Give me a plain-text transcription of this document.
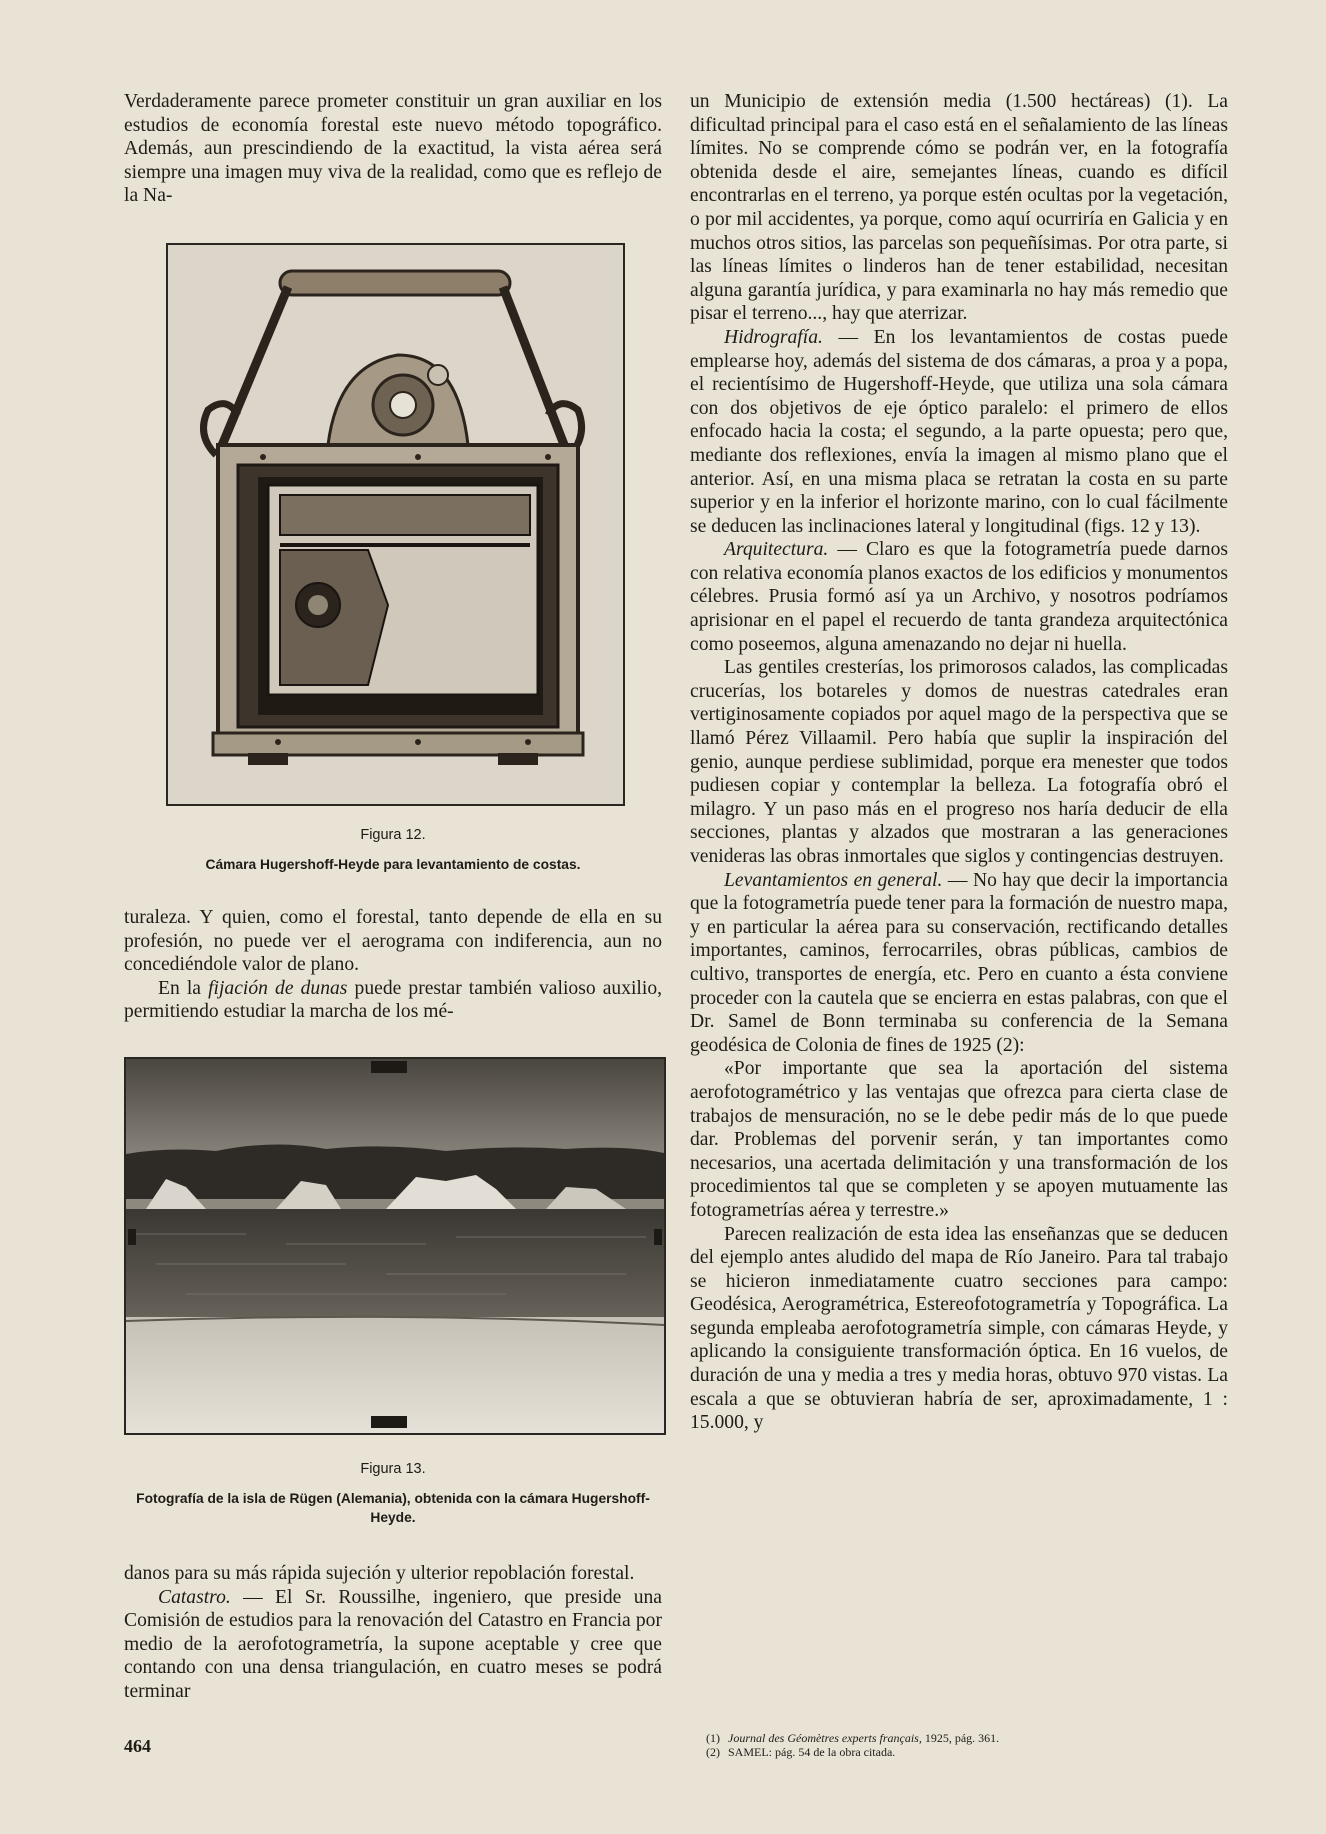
Verdaderamente parece prometer constituir un gran auxiliar en los estudios de economía forestal este nuevo método topográfico. Además, aun prescindiendo de la exactitud, la vista aérea será siempre una imagen muy viva de la realidad, como que es reflejo de la Na-

Figura 12.
Cámara Hugershoff-Heyde para levantamiento de costas.

turaleza. Y quien, como el forestal, tanto depende de ella en su profesión, no puede ver el aerograma con indiferencia, aun no concediéndole valor de plano.

En la fijación de dunas puede prestar también valioso auxilio, permitiendo estudiar la marcha de los mé-

Figura 13.
Fotografía de la isla de Rügen (Alemania), obtenida con la cámara Hugershoff-Heyde.

danos para su más rápida sujeción y ulterior repoblación forestal.

Catastro. — El Sr. Roussilhe, ingeniero, que preside una Comisión de estudios para la renovación del Catastro en Francia por medio de la aerofotogrametría, la supone aceptable y cree que contando con una densa triangulación, en cuatro meses se podrá terminar

un Municipio de extensión media (1.500 hectáreas) (1). La dificultad principal para el caso está en el señalamiento de las líneas límites. No se comprende cómo se podrán ver, en la fotografía obtenida desde el aire, semejantes líneas, cuando es difícil encontrarlas en el terreno, ya porque estén ocultas por la vegetación, o por mil accidentes, ya porque, como aquí ocurriría en Galicia y en muchos otros sitios, las parcelas son pequeñísimas. Por otra parte, si las líneas límites o linderos han de tener estabilidad, necesitan alguna garantía jurídica, y para examinarla no hay más remedio que pisar el terreno..., hay que aterrizar.

Hidrografía. — En los levantamientos de costas puede emplearse hoy, además del sistema de dos cámaras, a proa y a popa, el recientísimo de Hugershoff-Heyde, que utiliza una sola cámara con dos objetivos de eje óptico paralelo: el primero de ellos enfocado hacia la costa; el segundo, a la parte opuesta; pero que, mediante dos reflexiones, envía la imagen al mismo plano que el anterior. Así, en una misma placa se retratan la costa en su parte superior y en la inferior el horizonte marino, con lo cual fácilmente se deducen las inclinaciones lateral y longitudinal (figs. 12 y 13).

Arquitectura. — Claro es que la fotogrametría puede darnos con relativa economía planos exactos de los edificios y monumentos célebres. Prusia formó así ya un Archivo, y nosotros podríamos aprisionar en el papel el recuerdo de tanta grandeza arquitectónica como poseemos, alguna amenazando no dejar ni huella.

Las gentiles cresterías, los primorosos calados, las complicadas crucerías, los botareles y domos de nuestras catedrales eran vertiginosamente copiados por aquel mago de la perspectiva que se llamó Pérez Villaamil. Pero había que suplir la inspiración del genio, aunque perdiese sublimidad, porque era menester que todos pudiesen copiar y contemplar la belleza. La fotografía obró el milagro. Y un paso más en el progreso nos haría deducir de ella secciones, plantas y alzados que mostraran a las generaciones venideras las obras inmortales que siglos y contingencias destruyen.

Levantamientos en general. — No hay que decir la importancia que la fotogrametría puede tener para la formación de nuestro mapa, y en particular la aérea para su conservación, rectificando detalles importantes, caminos, ferrocarriles, obras públicas, cambios de cultivo, transportes de energía, etc. Pero en cuanto a ésta conviene proceder con la cautela que se encierra en estas palabras, con que el Dr. Samel de Bonn terminaba su conferencia de la Semana geodésica de Colonia de fines de 1925 (2):

«Por importante que sea la aportación del sistema aerofotogramétrico y las ventajas que ofrezca para cierta clase de trabajos de mensuración, no se le debe pedir más de lo que puede dar. Problemas del porvenir serán, y tan importantes como necesarios, una acertada delimitación y una transformación de los procedimientos tal que se completen y se apoyen mutuamente las fotogrametrías aérea y terrestre.»

Parecen realización de esta idea las enseñanzas que se deducen del ejemplo antes aludido del mapa de Río Janeiro. Para tal trabajo se hicieron inmediatamente cuatro secciones para campo: Geodésica, Aerogramétrica, Estereofotogrametría y Topográfica. La segunda empleaba aerofotogrametría simple, con cámaras Heyde, y aplicando la consiguiente transformación óptica. En 16 vuelos, de duración de una y media a tres y media horas, obtuvo 970 vistas. La escala a que se obtuvieran habría de ser, aproximadamente, 1 : 15.000, y

(1) Journal des Géomètres experts français, 1925, pág. 361.
(2) SAMEL: pág. 54 de la obra citada.
464
